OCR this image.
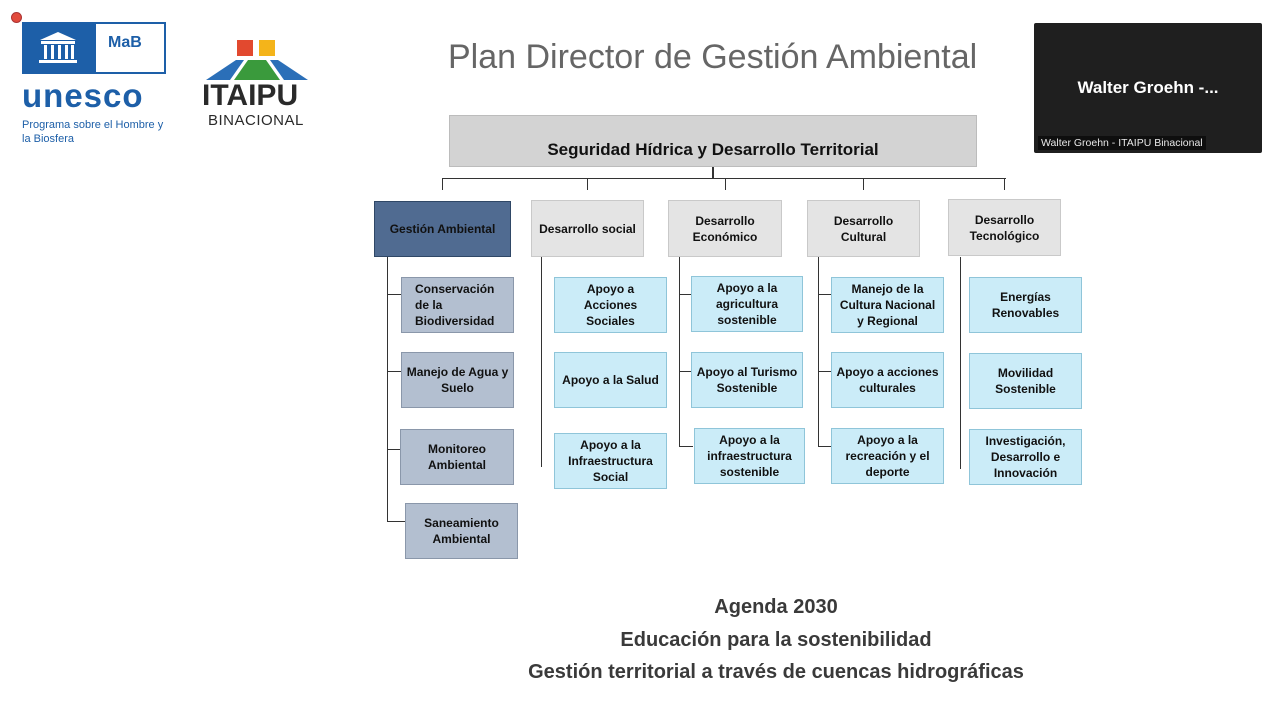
MaB
unesco
Programa sobre el Hombre y la Biosfera
ITAIPU
BINACIONAL
Plan Director de Gestión Ambiental
Walter Groehn -...
Walter Groehn - ITAIPU Binacional
Seguridad Hídrica y Desarrollo Territorial
Gestión Ambiental
Conservación de la Biodiversidad
Manejo de Agua y Suelo
Monitoreo Ambiental
Saneamiento Ambiental
Desarrollo social
Apoyo a Acciones Sociales
Apoyo a la Salud
Apoyo a la Infraestructura Social
Desarrollo Económico
Apoyo a la agricultura sostenible
Apoyo al Turismo Sostenible
Apoyo a la infraestructura sostenible
Desarrollo Cultural
Manejo de la Cultura Nacional y Regional
Apoyo a acciones culturales
Apoyo a la recreación y el deporte
Desarrollo Tecnológico
Energías Renovables
Movilidad Sostenible
Investigación, Desarrollo e Innovación
Agenda 2030
Educación para la sostenibilidad
Gestión territorial a través de cuencas hidrográficas
